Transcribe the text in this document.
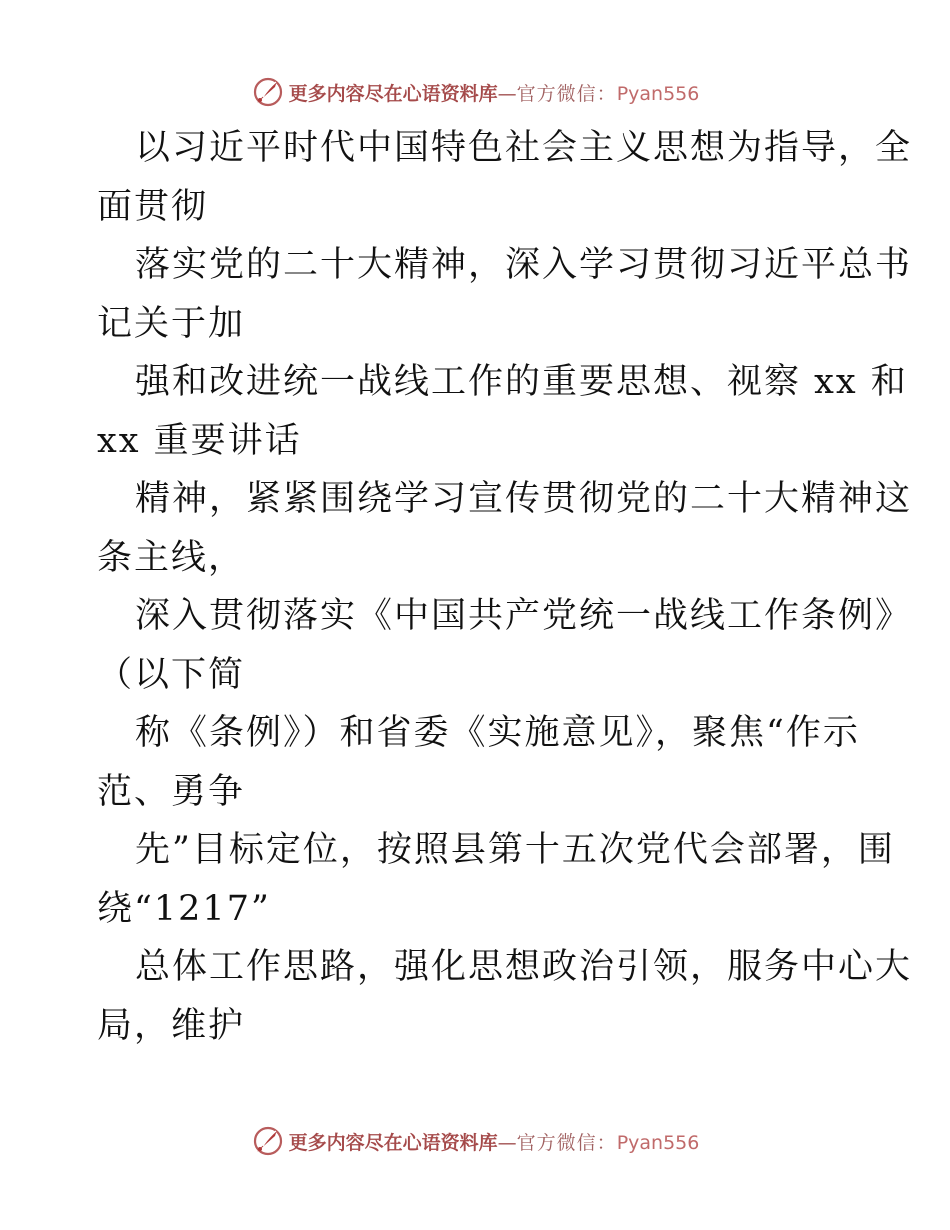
更多内容尽在心语资料库—官方微信：Pyan556
以习近平时代中国特色社会主义思想为指导，全
面贯彻
落实党的二十大精神，深入学习贯彻习近平总书
记关于加
强和改进统一战线工作的重要思想、视察 xx 和
xx 重要讲话
精神，紧紧围绕学习宣传贯彻党的二十大精神这
条主线，
深入贯彻落实《中国共产党统一战线工作条例》
（以下简
称《条例》）和省委《实施意见》，聚焦“作示
范、勇争
先”目标定位，按照县第十五次党代会部署，围
绕“1217”
总体工作思路，强化思想政治引领，服务中心大
局，维护
更多内容尽在心语资料库—官方微信：Pyan556
